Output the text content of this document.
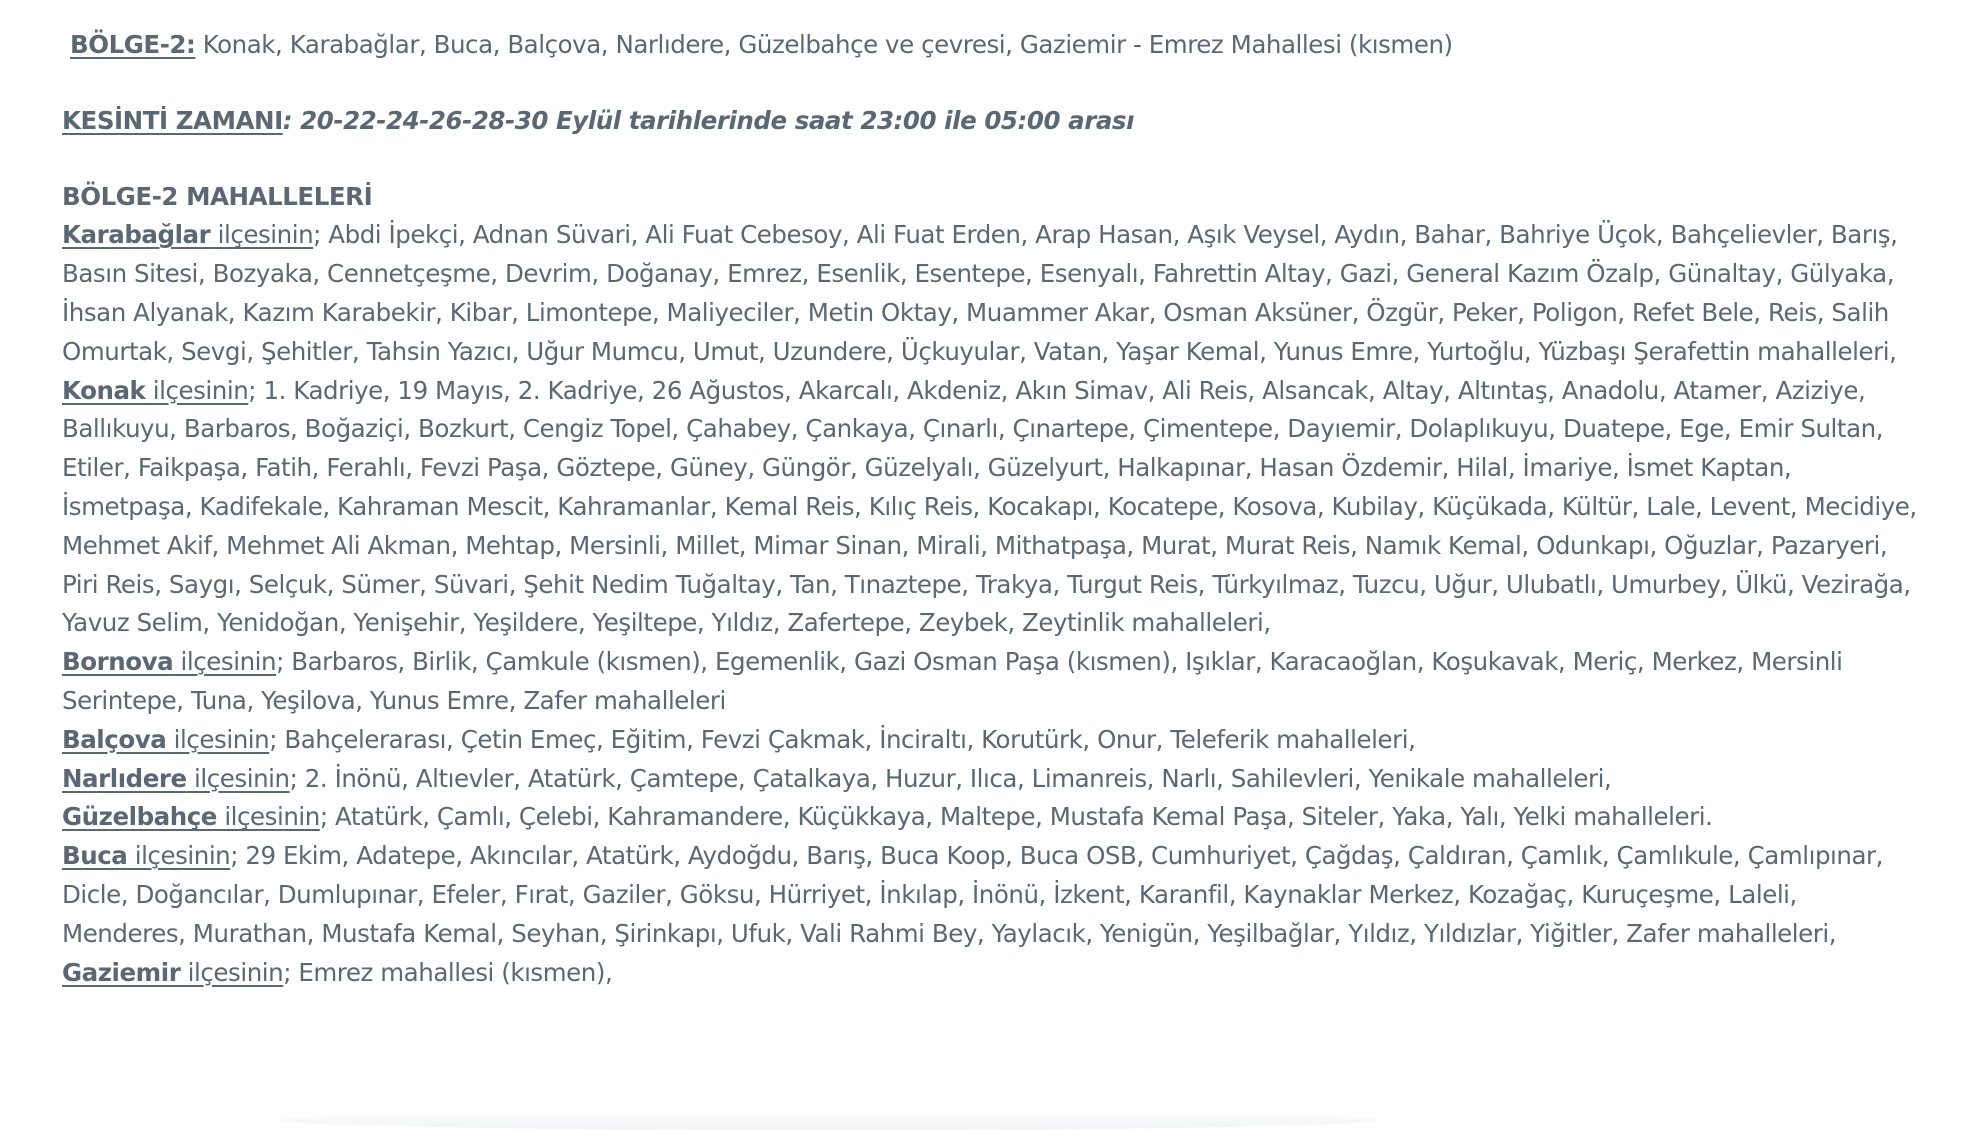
BÖLGE-2: Konak, Karabağlar, Buca, Balçova, Narlıdere, Güzelbahçe ve çevresi, Gaziemir - Emrez Mahallesi (kısmen)

KESİNTİ ZAMANI: 20-22-24-26-28-30 Eylül tarihlerinde saat 23:00 ile 05:00 arası

BÖLGE-2 MAHALLELERİ

Karabağlar ilçesinin; Abdi İpekçi, Adnan Süvari, Ali Fuat Cebesoy, Ali Fuat Erden, Arap Hasan, Aşık Veysel, Aydın, Bahar, Bahriye Üçok, Bahçelievler, Barış, Basın Sitesi, Bozyaka, Cennetçeşme, Devrim, Doğanay, Emrez, Esenlik, Esentepe, Esenyalı, Fahrettin Altay, Gazi, General Kazım Özalp, Günaltay, Gülyaka, İhsan Alyanak, Kazım Karabekir, Kibar, Limontepe, Maliyeciler, Metin Oktay, Muammer Akar, Osman Aksüner, Özgür, Peker, Poligon, Refet Bele, Reis, Salih Omurtak, Sevgi, Şehitler, Tahsin Yazıcı, Uğur Mumcu, Umut, Uzundere, Üçkuyular, Vatan, Yaşar Kemal, Yunus Emre, Yurtoğlu, Yüzbaşı Şerafettin mahalleleri,

Konak ilçesinin; 1. Kadriye, 19 Mayıs, 2. Kadriye, 26 Ağustos, Akarcalı, Akdeniz, Akın Simav, Ali Reis, Alsancak, Altay, Altıntaş, Anadolu, Atamer, Aziziye, Ballıkuyu, Barbaros, Boğaziçi, Bozkurt, Cengiz Topel, Çahabey, Çankaya, Çınarlı, Çınartepe, Çimentepe, Dayıemir, Dolaplıkuyu, Duatepe, Ege, Emir Sultan, Etiler, Faikpaşa, Fatih, Ferahlı, Fevzi Paşa, Göztepe, Güney, Güngör, Güzelyalı, Güzelyurt, Halkapınar, Hasan Özdemir, Hilal, İmariye, İsmet Kaptan, İsmetpaşa, Kadifekale, Kahraman Mescit, Kahramanlar, Kemal Reis, Kılıç Reis, Kocakapı, Kocatepe, Kosova, Kubilay, Küçükada, Kültür, Lale, Levent, Mecidiye, Mehmet Akif, Mehmet Ali Akman, Mehtap, Mersinli, Millet, Mimar Sinan, Mirali, Mithatpaşa, Murat, Murat Reis, Namık Kemal, Odunkapı, Oğuzlar, Pazaryeri, Piri Reis, Saygı, Selçuk, Sümer, Süvari, Şehit Nedim Tuğaltay, Tan, Tınaztepe, Trakya, Turgut Reis, Türkyılmaz, Tuzcu, Uğur, Ulubatlı, Umurbey, Ülkü, Vezirağa, Yavuz Selim, Yenidoğan, Yenişehir, Yeşildere, Yeşiltepe, Yıldız, Zafertepe, Zeybek, Zeytinlik mahalleleri,

Bornova ilçesinin; Barbaros, Birlik, Çamkule (kısmen), Egemenlik, Gazi Osman Paşa (kısmen), Işıklar, Karacaoğlan, Koşukavak, Meriç, Merkez, Mersinli Serintepe, Tuna, Yeşilova, Yunus Emre, Zafer mahalleleri

Balçova ilçesinin; Bahçelerarası, Çetin Emeç, Eğitim, Fevzi Çakmak, İnciraltı, Korutürk, Onur, Teleferik mahalleleri,

Narlıdere ilçesinin; 2. İnönü, Altıevler, Atatürk, Çamtepe, Çatalkaya, Huzur, Ilıca, Limanreis, Narlı, Sahilevleri, Yenikale mahalleleri,

Güzelbahçe ilçesinin; Atatürk, Çamlı, Çelebi, Kahramandere, Küçükkaya, Maltepe, Mustafa Kemal Paşa, Siteler, Yaka, Yalı, Yelki mahalleleri.

Buca ilçesinin; 29 Ekim, Adatepe, Akıncılar, Atatürk, Aydoğdu, Barış, Buca Koop, Buca OSB, Cumhuriyet, Çağdaş, Çaldıran, Çamlık, Çamlıkule, Çamlıpınar, Dicle, Doğancılar, Dumlupınar, Efeler, Fırat, Gaziler, Göksu, Hürriyet, İnkılap, İnönü, İzkent, Karanfil, Kaynaklar Merkez, Kozağaç, Kuruçeşme, Laleli, Menderes, Murathan, Mustafa Kemal, Seyhan, Şirinkapı, Ufuk, Vali Rahmi Bey, Yaylacık, Yenigün, Yeşilbağlar, Yıldız, Yıldızlar, Yiğitler, Zafer mahalleleri,

Gaziemir ilçesinin; Emrez mahallesi (kısmen),
